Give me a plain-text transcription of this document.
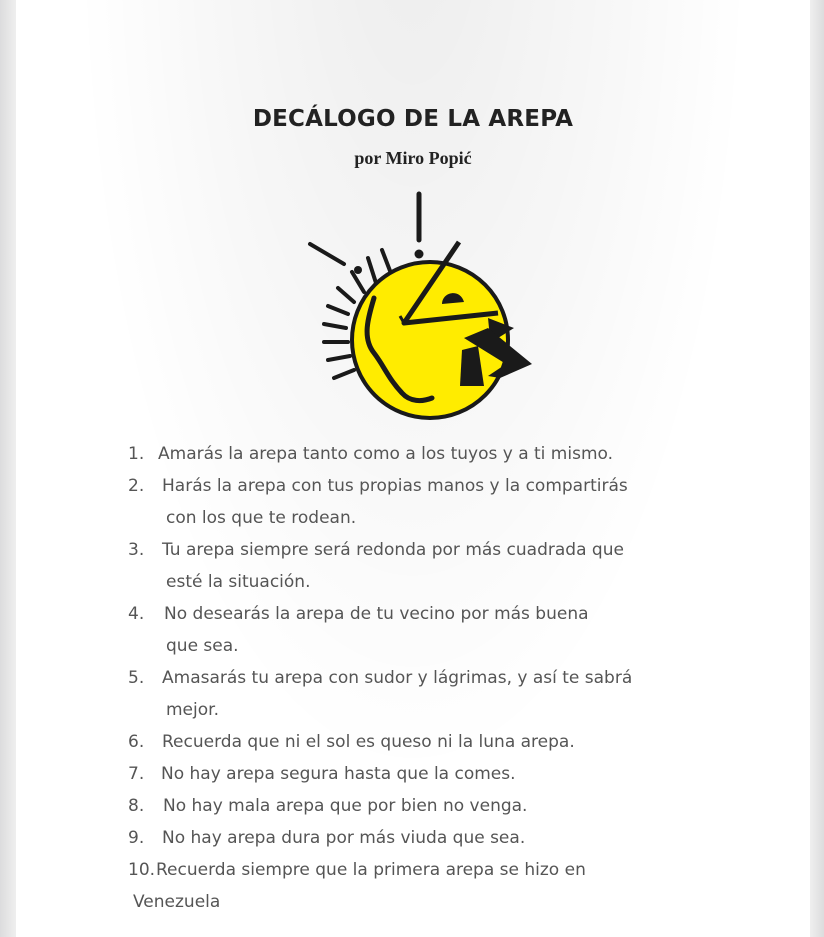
DECÁLOGO DE LA AREPA
por Miro Popić
1. Amarás la arepa tanto como a los tuyos y a ti mismo.
2. Harás la arepa con tus propias manos y la compartirás
con los que te rodean.
3. Tu arepa siempre será redonda por más cuadrada que
esté la situación.
4. No desearás la arepa de tu vecino por más buena
que sea.
5. Amasarás tu arepa con sudor y lágrimas, y así te sabrá
mejor.
6. Recuerda que ni el sol es queso ni la luna arepa.
7. No hay arepa segura hasta que la comes.
8. No hay mala arepa que por bien no venga.
9. No hay arepa dura por más viuda que sea.
10.Recuerda siempre que la primera arepa se hizo en
Venezuela
